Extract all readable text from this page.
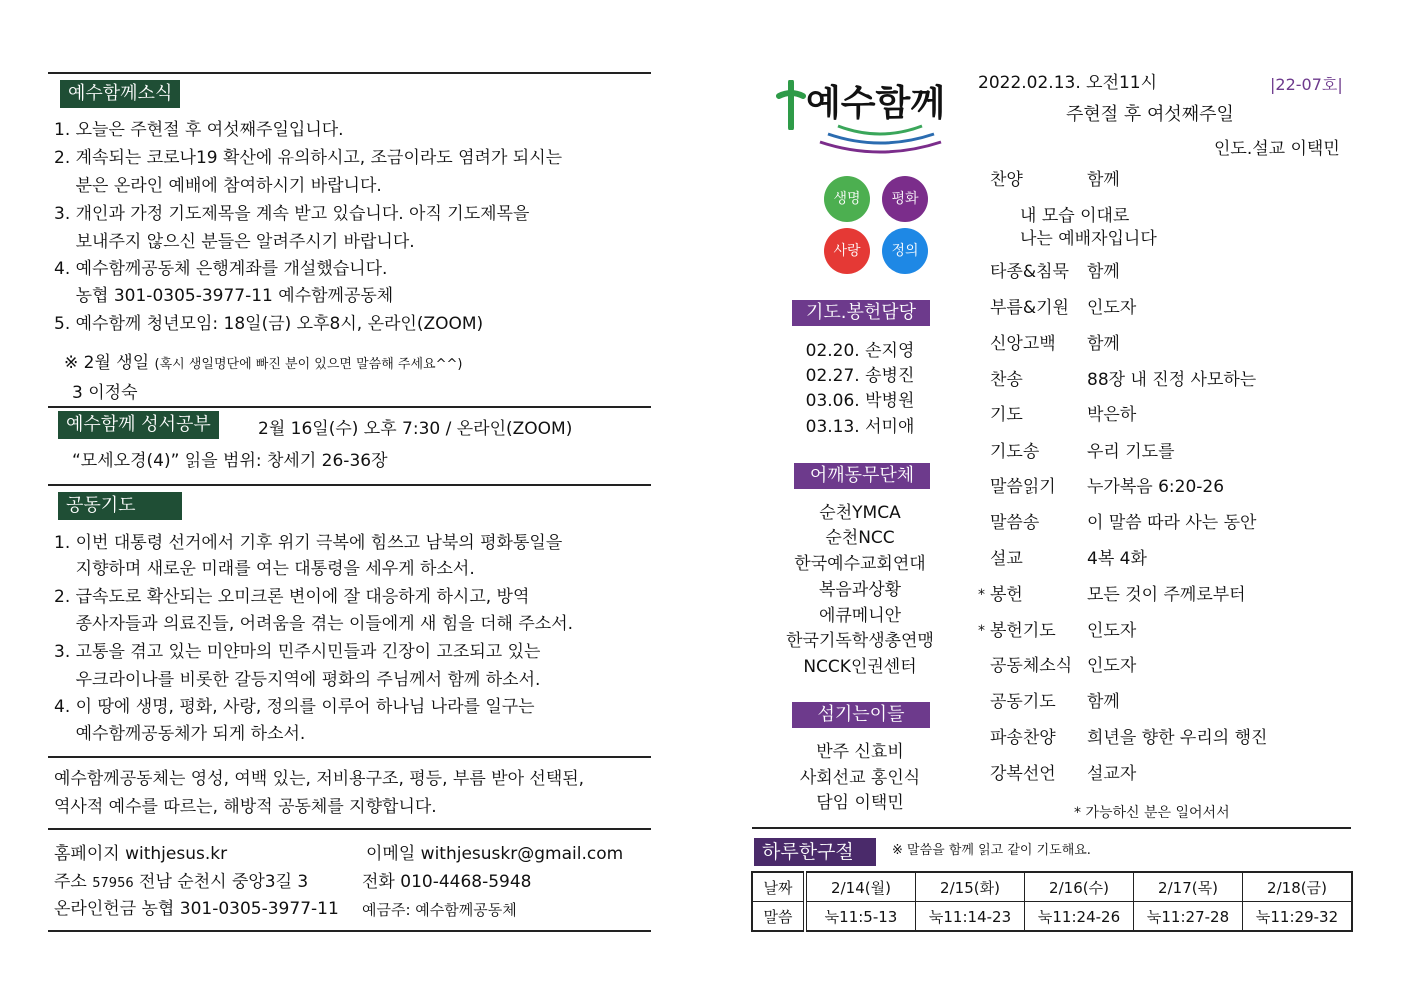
예수함께소식
1. 오늘은 주현절 후 여섯째주일입니다.
2. 계속되는 코로나19 확산에 유의하시고, 조금이라도 염려가 되시는
분은 온라인 예배에 참여하시기 바랍니다.
3. 개인과 가정 기도제목을 계속 받고 있습니다. 아직 기도제목을
보내주지 않으신 분들은 알려주시기 바랍니다.
4. 예수함께공동체 은행계좌를 개설했습니다.
농협 301-0305-3977-11 예수함께공동체
5. 예수함께 청년모임: 18일(금) 오후8시, 온라인(ZOOM)
※ 2월 생일 (혹시 생일명단에 빠진 분이 있으면 말씀해 주세요^^)
3 이정숙
예수함께 성서공부	2월 16일(수) 오후 7:30 / 온라인(ZOOM)
“모세오경(4)” 읽을 범위: 창세기 26-36장
공동기도
1. 이번 대통령 선거에서 기후 위기 극복에 힘쓰고 남북의 평화통일을
지향하며 새로운 미래를 여는 대통령을 세우게 하소서.
2. 급속도로 확산되는 오미크론 변이에 잘 대응하게 하시고, 방역
종사자들과 의료진들, 어려움을 겪는 이들에게 새 힘을 더해 주소서.
3. 고통을 겪고 있는 미얀마의 민주시민들과 긴장이 고조되고 있는
우크라이나를 비롯한 갈등지역에 평화의 주님께서 함께 하소서.
4. 이 땅에 생명, 평화, 사랑, 정의를 이루어 하나님 나라를 일구는
예수함께공동체가 되게 하소서.
예수함께공동체는 영성, 여백 있는, 저비용구조, 평등, 부름 받아 선택된,
역사적 예수를 따르는, 해방적 공동체를 지향합니다.
홈페이지 withjesus.kr	이메일 withjesuskr@gmail.com
주소 57956 전남 순천시 중앙3길 3	전화 010-4468-5948
온라인헌금 농협 301-0305-3977-11 예금주: 예수함께공동체
예수함께
생명	평화
사랑	정의
기도.봉헌담당
02.20. 손지영
02.27. 송병진
03.06. 박병원
03.13. 서미애
어깨동무단체
순천YMCA
순천NCC
한국예수교회연대
복음과상황
에큐메니안
한국기독학생총연맹
NCCK인권센터
섬기는이들
반주 신효비
사회선교 홍인식
담임 이택민
2022.02.13. 오전11시	|22-07호|
주현절 후 여섯째주일
인도.설교 이택민
찬양	함께
내 모습 이대로
나는 예배자입니다
타종&침묵 함께
부름&기원 인도자
신앙고백 함께
찬송	88장 내 진정 사모하는
기도	박은하
기도송	우리 기도를
말씀읽기 누가복음 6:20-26
말씀송	이 말씀 따라 사는 동안
설교	4복 4화
* 봉헌	모든 것이 주께로부터
* 봉헌기도 인도자
공동체소식 인도자
공동기도 함께
파송찬양 희년을 향한 우리의 행진
강복선언 설교자
* 가능하신 분은 일어서서
하루한구절	※ 말씀을 함께 읽고 같이 기도해요.
날짜	2/14(월)	2/15(화)	2/16(수)	2/17(목)	2/18(금)
말씀	눅11:5-13	눅11:14-23	눅11:24-26	눅11:27-28	눅11:29-32
